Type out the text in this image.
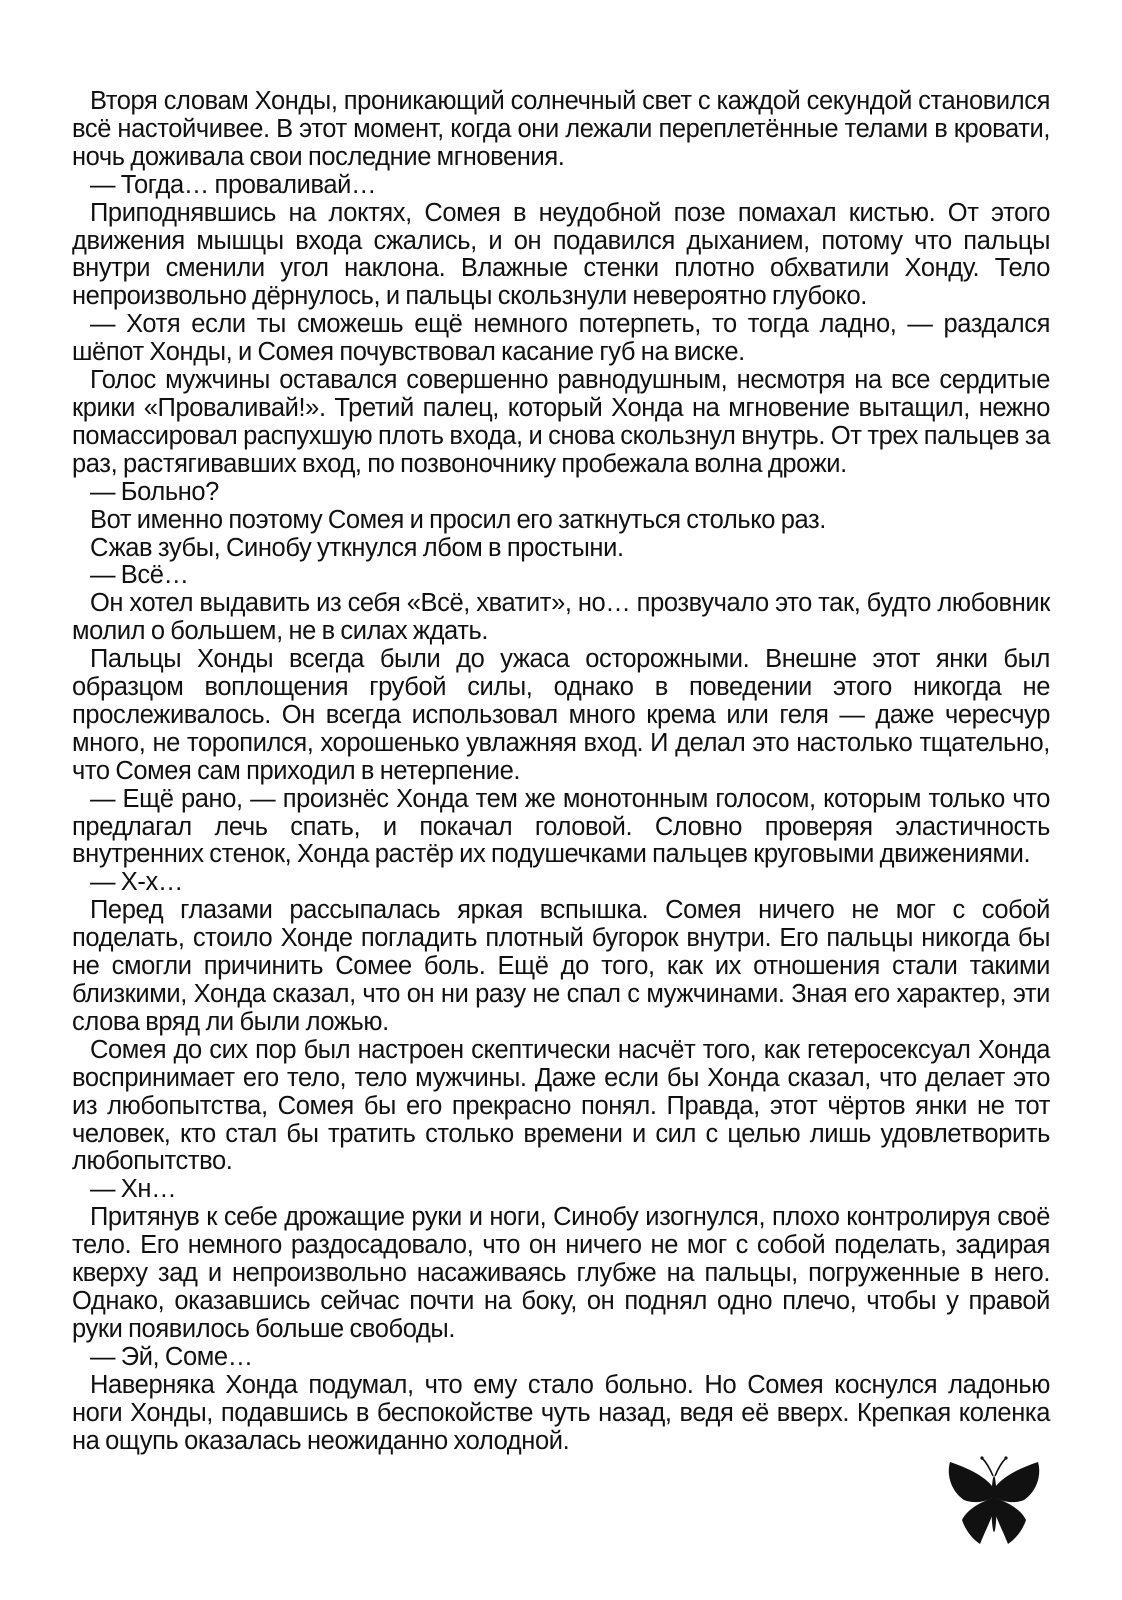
Вторя словам Хонды, проникающий солнечный свет с каждой секундой становился всё настойчивее. В этот момент, когда они лежали переплетённые телами в кровати, ночь доживала свои последние мгновения.

— Тогда… проваливай…

Приподнявшись на локтях, Сомея в неудобной позе помахал кистью. От этого движения мышцы входа сжались, и он подавился дыханием, потому что пальцы внутри сменили угол наклона. Влажные стенки плотно обхватили Хонду. Тело непроизвольно дёрнулось, и пальцы скользнули невероятно глубоко.

— Хотя если ты сможешь ещё немного потерпеть, то тогда ладно, — раздался шёпот Хонды, и Сомея почувствовал касание губ на виске.

Голос мужчины оставался совершенно равнодушным, несмотря на все сердитые крики «Проваливай!». Третий палец, который Хонда на мгновение вытащил, нежно помассировал распухшую плоть входа, и снова скользнул внутрь. От трех пальцев за раз, растягивавших вход, по позвоночнику пробежала волна дрожи.

— Больно?

Вот именно поэтому Сомея и просил его заткнуться столько раз.

Сжав зубы, Синобу уткнулся лбом в простыни.

— Всё…

Он хотел выдавить из себя «Всё, хватит», но… прозвучало это так, будто любовник молил о большем, не в силах ждать.

Пальцы Хонды всегда были до ужаса осторожными. Внешне этот янки был образцом воплощения грубой силы, однако в поведении этого никогда не прослеживалось. Он всегда использовал много крема или геля — даже чересчур много, не торопился, хорошенько увлажняя вход. И делал это настолько тщательно, что Сомея сам приходил в нетерпение.

— Ещё рано, — произнёс Хонда тем же монотонным голосом, которым только что предлагал лечь спать, и покачал головой. Словно проверяя эластичность внутренних стенок, Хонда растёр их подушечками пальцев круговыми движениями.

— Х-х…

Перед глазами рассыпалась яркая вспышка. Сомея ничего не мог с собой поделать, стоило Хонде погладить плотный бугорок внутри. Его пальцы никогда бы не смогли причинить Сомее боль. Ещё до того, как их отношения стали такими близкими, Хонда сказал, что он ни разу не спал с мужчинами. Зная его характер, эти слова вряд ли были ложью.

Сомея до сих пор был настроен скептически насчёт того, как гетеросексуал Хонда воспринимает его тело, тело мужчины. Даже если бы Хонда сказал, что делает это из любопытства, Сомея бы его прекрасно понял. Правда, этот чёртов янки не тот человек, кто стал бы тратить столько времени и сил с целью лишь удовлетворить любопытство.

— Хн…

Притянув к себе дрожащие руки и ноги, Синобу изогнулся, плохо контролируя своё тело. Его немного раздосадовало, что он ничего не мог с собой поделать, задирая кверху зад и непроизвольно насаживаясь глубже на пальцы, погруженные в него. Однако, оказавшись сейчас почти на боку, он поднял одно плечо, чтобы у правой руки появилось больше свободы.

— Эй, Соме…

Наверняка Хонда подумал, что ему стало больно. Но Сомея коснулся ладонью ноги Хонды, подавшись в беспокойстве чуть назад, ведя её вверх. Крепкая коленка на ощупь оказалась неожиданно холодной.
